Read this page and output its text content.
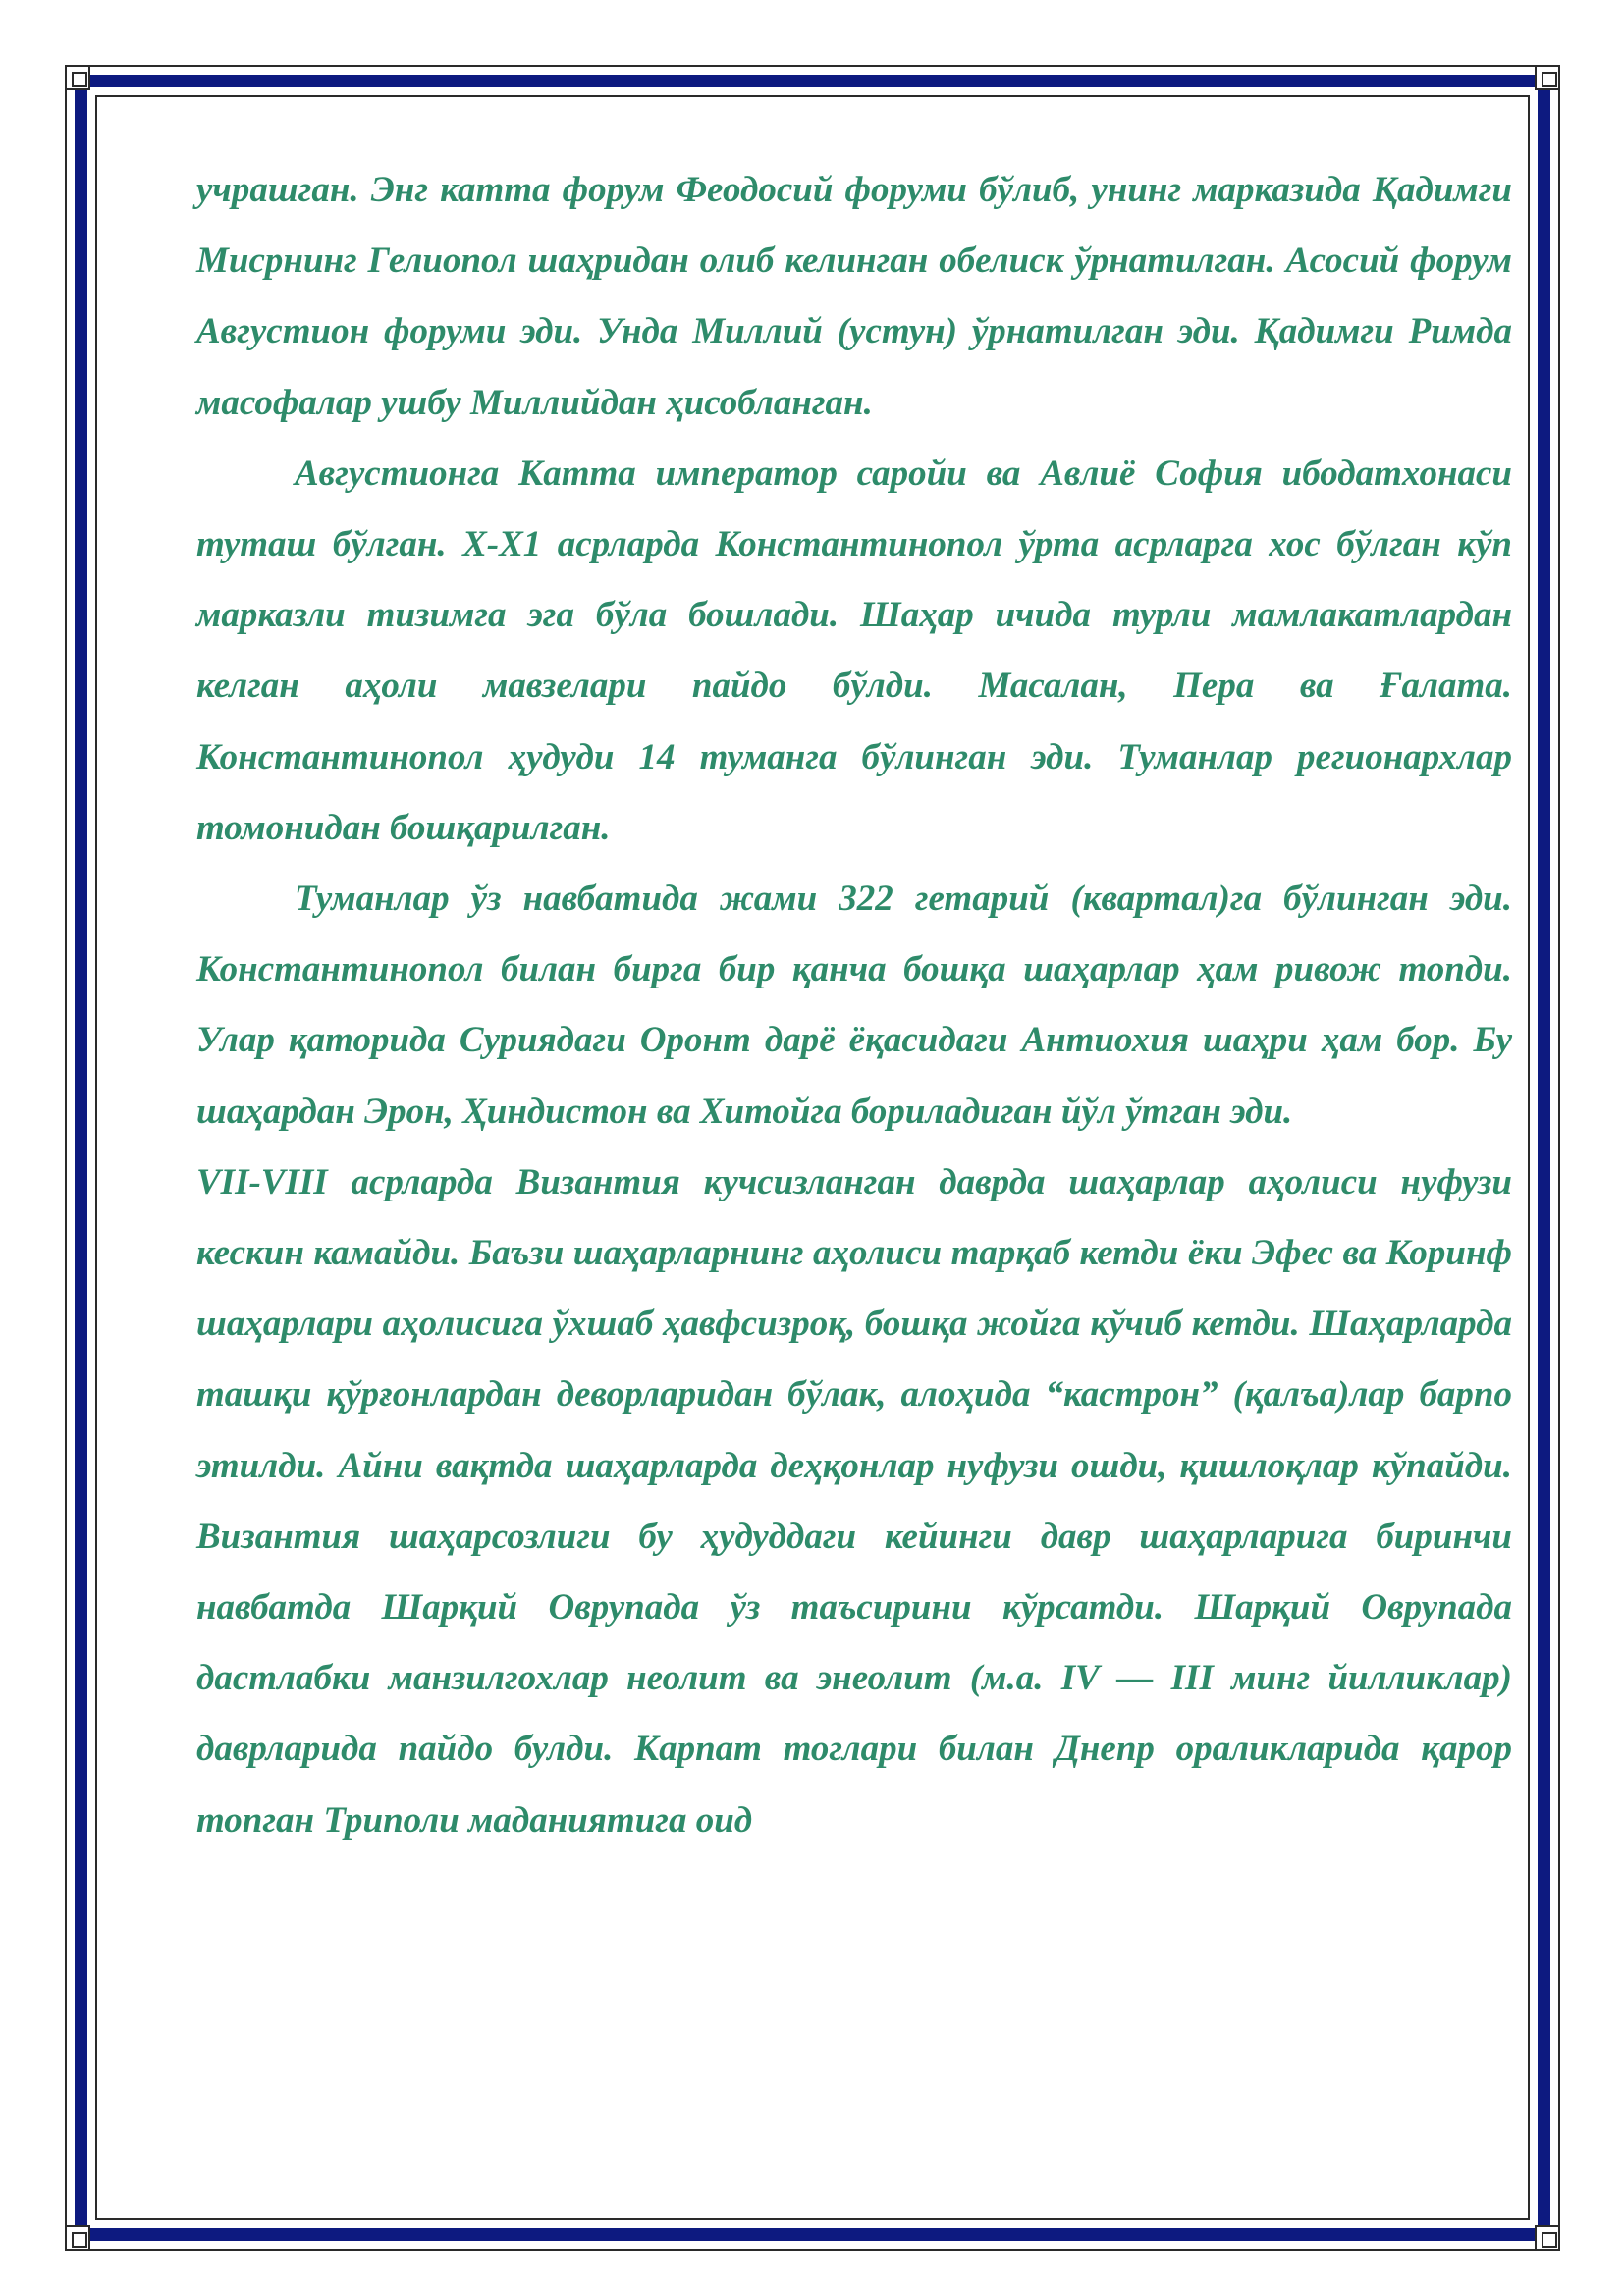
учрашган. Энг катта форум Феодосий форуми бўлиб, унинг марказида Қадимги Мисрнинг Гелиопол шаҳридан олиб келинган обелиск ўрнатилган. Асосий форум Августион форуми эди. Унда Миллий (устун) ўрнатилган эди. Қадимги Римда масофалар ушбу Миллийдан ҳисобланган.

Августионга Катта император саройи ва Авлиё София ибодатхонаси туташ бўлган. X-X1 асрларда Константинопол ўрта асрларга хос бўлган кўп марказли тизимга эга бўла бошлади. Шаҳар ичида турли мамлакатлардан келган аҳоли мавзелари пайдо бўлди. Масалан, Пера ва Ғалата. Константинопол ҳудуди 14 туманга бўлинган эди. Туманлар регионархлар томонидан бошқарилган.

Туманлар ўз навбатида жами 322 гетарий (квартал)га бўлинган эди. Константинопол билан бирга бир қанча бошқа шаҳарлар ҳам ривож топди. Улар қаторида Суриядаги Оронт дарё ёқасидаги Антиохия шаҳри ҳам бор. Бу шаҳардан Эрон, Ҳиндистон ва Хитойга бориладиган йўл ўтган эди.

VII-VIII асрларда Византия кучсизланган даврда шаҳарлар аҳолиси нуфузи кескин камайди. Баъзи шаҳарларнинг аҳолиси тарқаб кетди ёки Эфес ва Коринф шаҳарлари аҳолисига ўхшаб ҳавфсизроқ, бошқа жойга кўчиб кетди. Шаҳарларда ташқи қўрғонлардан деворларидан бўлак, алоҳида “кастрон” (қалъа)лар барпо этилди. Айни вақтда шаҳарларда деҳқонлар нуфузи ошди, қишлоқлар кўпайди. Византия шаҳарсозлиги бу ҳудуддаги кейинги давр шаҳарларига биринчи навбатда Шарқий Оврупада ўз таъсирини кўрсатди. Шарқий Оврупада дастлабки манзилгохлар неолит ва энеолит (м.а. IV — III минг йилликлар) даврларида пайдо булди. Карпат тоглари билан Днепр ораликларида қарор топган Триполи маданиятига оид
